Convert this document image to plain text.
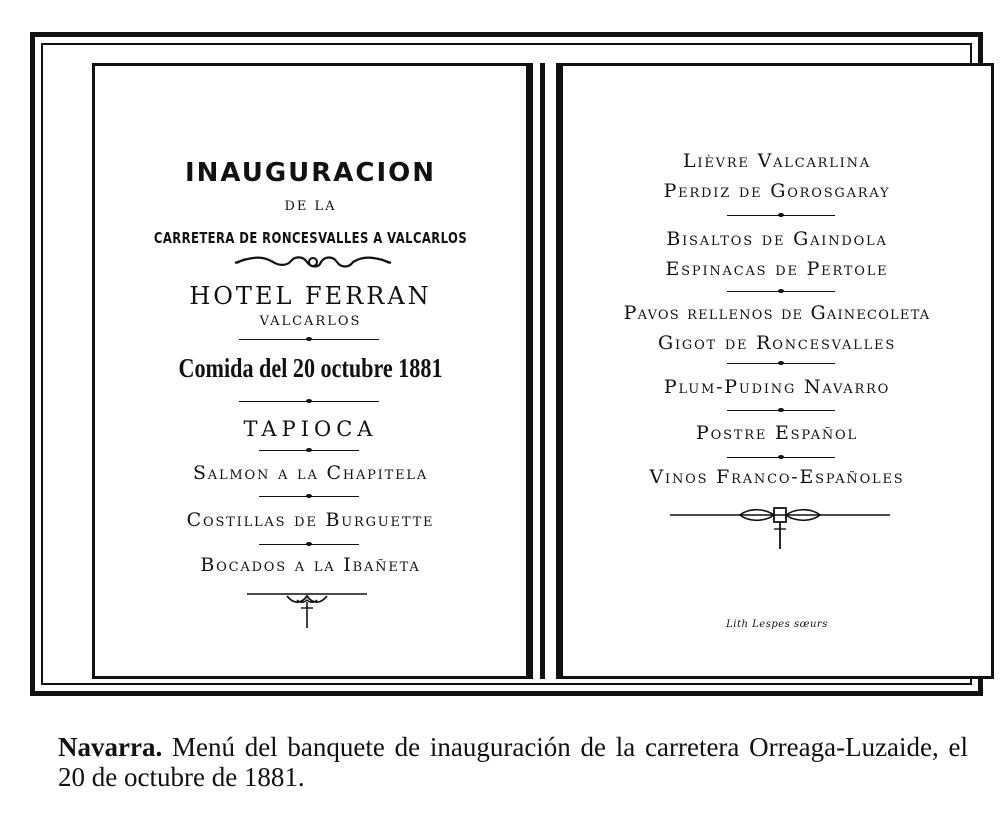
INAUGURACION
DE LA
CARRETERA DE RONCESVALLES A VALCARLOS
HOTEL FERRAN
VALCARLOS
Comida del 20 octubre 1881
TAPIOCA
Salmon a la Chapitela
Costillas de Burguette
Bocados a la Ibañeta
Lièvre Valcarlina
Perdiz de Gorosgaray
Bisaltos de Gaindola
Espinacas de Pertole
Pavos rellenos de Gainecoleta
Gigot de Roncesvalles
Plum-Puding Navarro
Postre Español
Vinos Franco-Españoles
Lith Lespes sœurs
Navarra. Menú del banquete de inauguración de la carretera Orreaga-Luzaide, el 20 de octubre de 1881.
